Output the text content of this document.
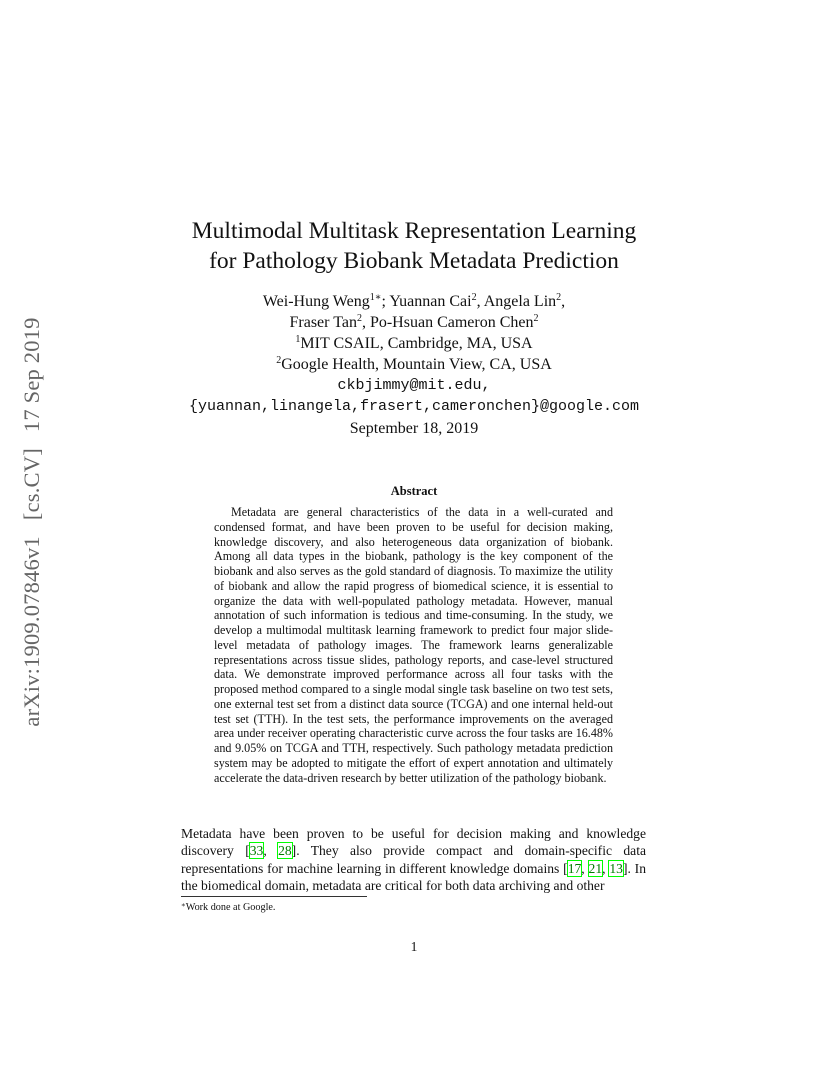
arXiv:1909.07846v1[cs.CV]17 Sep 2019
Multimodal Multitask Representation Learning
for Pathology Biobank Metadata Prediction
Wei-Hung Weng$^{1∗}$; Yuannan Cai$^2$, Angela Lin$^2$,
Fraser Tan$^2$, Po-Hsuan Cameron Chen$^2$
$^1$MIT CSAIL, Cambridge, MA, USA
$^2$Google Health, Mountain View, CA, USA
ckbjimmy@mit.edu,
{yuannan,linangela,frasert,cameronchen}@google.com
September 18, 2019
Abstract

Metadata are general characteristics of the data in a well-curated and condensed format, and have been proven to be useful for decision making, knowledge discovery, and also heterogeneous data organization of biobank. Among all data types in the biobank, pathology is the key component of the biobank and also serves as the gold standard of diagnosis. To maximize the utility of biobank and allow the rapid progress of biomedical science, it is essential to organize the data with well-populated pathology metadata. However, manual annotation of such information is tedious and time-consuming. In the study, we develop a multimodal multitask learning framework to predict four major slide-level metadata of pathology images. The framework learns generalizable representations across tissue slides, pathology reports, and case-level structured data. We demonstrate improved performance across all four tasks with the proposed method compared to a single modal single task baseline on two test sets, one external test set from a distinct data source (TCGA) and one internal held-out test set (TTH). In the test sets, the performance improvements on the averaged area under receiver operating characteristic curve across the four tasks are 16.48% and 9.05% on TCGA and TTH, respectively. Such pathology metadata prediction system may be adopted to mitigate the effort of expert annotation and ultimately accelerate the data-driven research by better utilization of the pathology biobank.

Metadata have been proven to be useful for decision making and knowledge discovery [33, 28]. They also provide compact and domain-specific data representations for machine learning in different knowledge domains [17, 21, 13]. In the biomedical domain, metadata are critical for both data archiving and other

∗Work done at Google.
1
